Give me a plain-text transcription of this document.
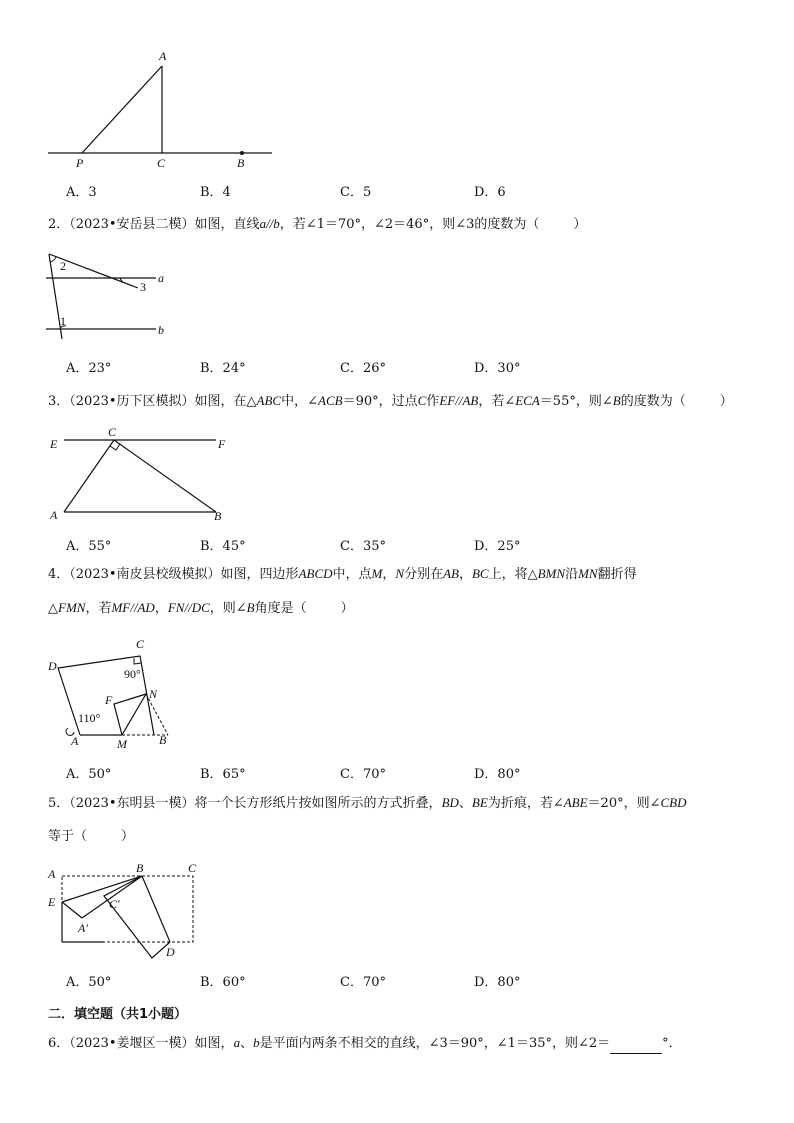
A
P	C	B
A．3	B．4	C．5	D．6
2．（2023•安岳县二模）如图，直线a//b，若∠1＝70°，∠2＝46°，则∠3的度数为（	）
2
3
1
a
b
A．23°	B．24°	C．26°	D．30°
3．（2023•历下区模拟）如图，在△ABC中，∠ACB＝90°，过点C作EF//AB，若∠ECA＝55°，则∠B的度数为（	）
E
C
F
A	B
A．55°	B．45°	C．35°	D．25°
4．（2023•南皮县校级模拟）如图，四边形ABCD中，点M，N分别在AB，BC上，将△BMN沿MN翻折得
△FMN，若MF//AD，FN//DC，则∠B角度是（	）
C
D
90°
F	N
110°
A	M	B
A．50°	B．65°	C．70°	D．80°
5．（2023•东明县一模）将一个长方形纸片按如图所示的方式折叠，BD、BE为折痕，若∠ABE＝20°，则∠CBD
等于（	）
A	B	C
E	C′
A′
D
A．50°	B．60°	C．70°	D．80°
二．填空题（共1小题）
6．（2023•姜堰区一模）如图，a、b是平面内两条不相交的直线，∠3＝90°，∠1＝35°，则∠2＝	°．
